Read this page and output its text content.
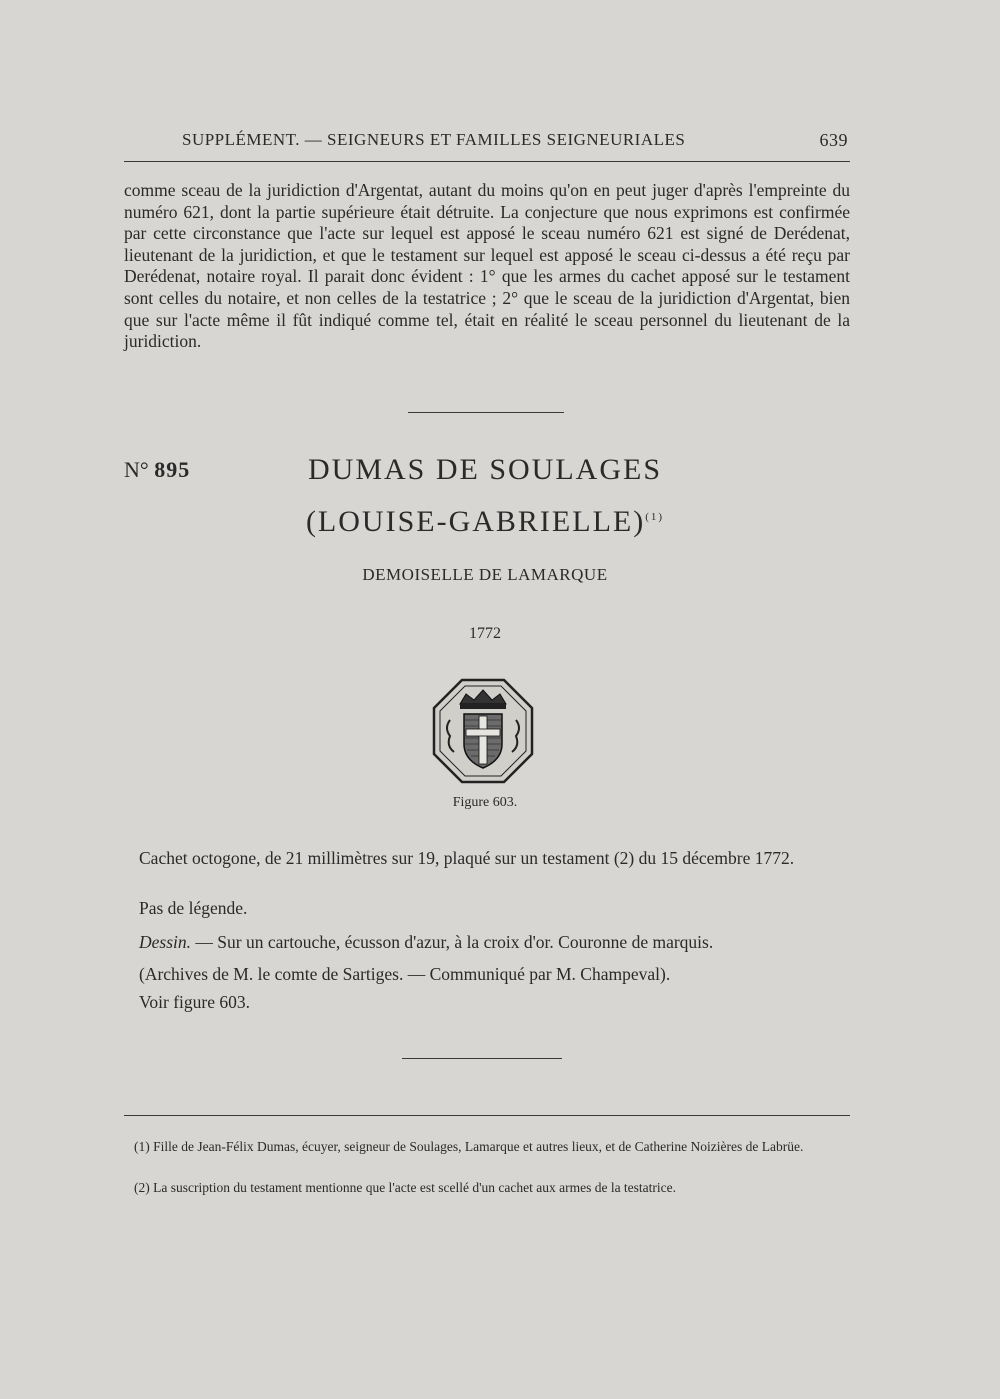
SUPPLÉMENT. — SEIGNEURS ET FAMILLES SEIGNEURIALES	639
comme sceau de la juridiction d'Argentat, autant du moins qu'on en peut juger d'après l'empreinte du numéro 621, dont la partie supérieure était détruite. La conjecture que nous exprimons est confirmée par cette circonstance que l'acte sur lequel est apposé le sceau numéro 621 est signé de Derédenat, lieutenant de la juridiction, et que le testament sur lequel est apposé le sceau ci-dessus a été reçu par Derédenat, notaire royal. Il parait donc évident : 1° que les armes du cachet apposé sur le testament sont celles du notaire, et non celles de la testatrice ; 2° que le sceau de la juridiction d'Argentat, bien que sur l'acte même il fût indiqué comme tel, était en réalité le sceau personnel du lieutenant de la juridiction.
N° 895	DUMAS DE SOULAGES
(LOUISE-GABRIELLE)$^{(1)}$
DEMOISELLE DE LAMARQUE
1772
Figure 603.
Cachet octogone, de 21 millimètres sur 19, plaqué sur un testament (2) du 15 décembre 1772.
Pas de légende.
Dessin. — Sur un cartouche, écusson d'azur, à la croix d'or. Couronne de marquis.
(Archives de M. le comte de Sartiges. — Communiqué par M. Champeval).
Voir figure 603.
(1) Fille de Jean-Félix Dumas, écuyer, seigneur de Soulages, Lamarque et autres lieux, et de Catherine Noizières de Labrüe.
(2) La suscription du testament mentionne que l'acte est scellé d'un cachet aux armes de la testatrice.
